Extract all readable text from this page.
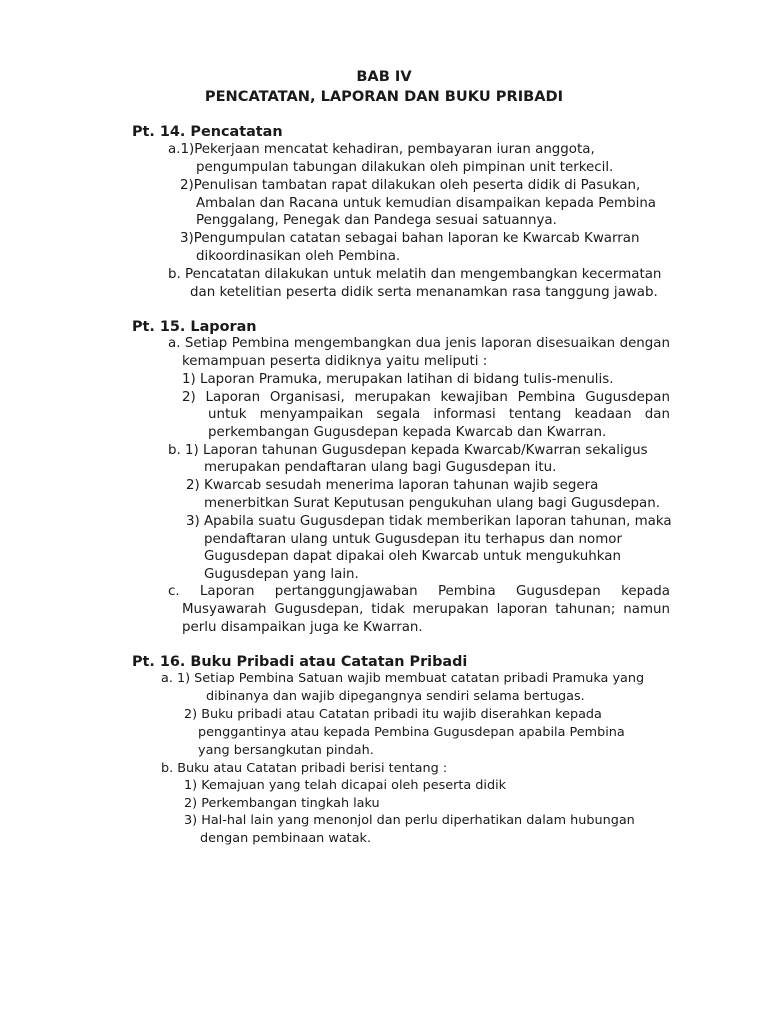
BAB IV
PENCATATAN, LAPORAN DAN BUKU PRIBADI
Pt. 14. Pencatatan
a.1)Pekerjaan mencatat kehadiran, pembayaran iuran anggota,
pengumpulan tabungan dilakukan oleh pimpinan unit terkecil.
2)Penulisan tambatan rapat dilakukan oleh peserta didik di Pasukan,
Ambalan dan Racana untuk kemudian disampaikan kepada Pembina
Penggalang, Penegak dan Pandega sesuai satuannya.
3)Pengumpulan catatan sebagai bahan laporan ke Kwarcab Kwarran
dikoordinasikan oleh Pembina.
b. Pencatatan dilakukan untuk melatih dan mengembangkan kecermatan
dan ketelitian peserta didik serta menanamkan rasa tanggung jawab.
Pt. 15. Laporan
a. Setiap Pembina mengembangkan dua jenis laporan disesuaikan dengan
kemampuan peserta didiknya yaitu meliputi :
1) Laporan Pramuka, merupakan latihan di bidang tulis-menulis.
2) Laporan Organisasi, merupakan kewajiban Pembina Gugusdepan
untuk menyampaikan segala informasi tentang keadaan dan
perkembangan Gugusdepan kepada Kwarcab dan Kwarran.
b. 1) Laporan tahunan Gugusdepan kepada Kwarcab/Kwarran sekaligus
merupakan pendaftaran ulang bagi Gugusdepan itu.
2) Kwarcab sesudah menerima laporan tahunan wajib segera
menerbitkan Surat Keputusan pengukuhan ulang bagi Gugusdepan.
3) Apabila suatu Gugusdepan tidak memberikan laporan tahunan, maka
pendaftaran ulang untuk Gugusdepan itu terhapus dan nomor
Gugusdepan dapat dipakai oleh Kwarcab untuk mengukuhkan
Gugusdepan yang lain.
c. Laporan pertanggungjawaban Pembina Gugusdepan kepada
Musyawarah Gugusdepan, tidak merupakan laporan tahunan; namun
perlu disampaikan juga ke Kwarran.
Pt. 16. Buku Pribadi atau Catatan Pribadi
a. 1) Setiap Pembina Satuan wajib membuat catatan pribadi Pramuka yang
dibinanya dan wajib dipegangnya sendiri selama bertugas.
2) Buku pribadi atau Catatan pribadi itu wajib diserahkan kepada
penggantinya atau kepada Pembina Gugusdepan apabila Pembina
yang bersangkutan pindah.
b. Buku atau Catatan pribadi berisi tentang :
1) Kemajuan yang telah dicapai oleh peserta didik
2) Perkembangan tingkah laku
3) Hal-hal lain yang menonjol dan perlu diperhatikan dalam hubungan
dengan pembinaan watak.
